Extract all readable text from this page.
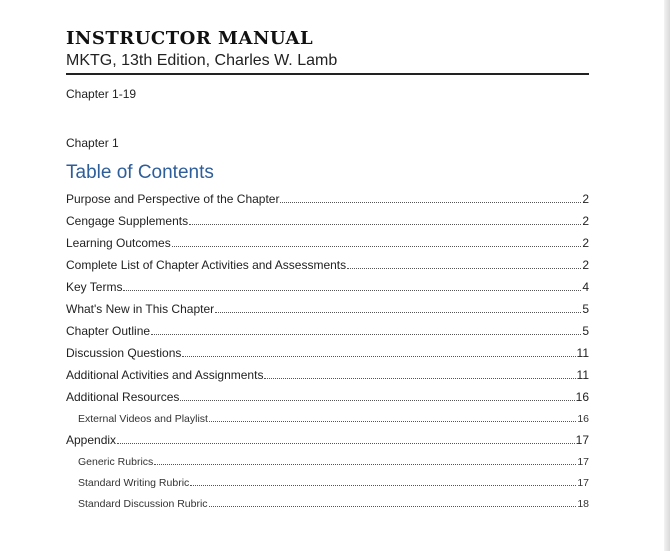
INSTRUCTOR MANUAL
MKTG, 13th Edition, Charles W. Lamb
Chapter 1-19
Chapter 1
Table of Contents
Purpose and Perspective of the Chapter	2
Cengage Supplements	2
Learning Outcomes	2
Complete List of Chapter Activities and Assessments	2
Key Terms	4
What's New in This Chapter	5
Chapter Outline	5
Discussion Questions	11
Additional Activities and Assignments	11
Additional Resources	16
External Videos and Playlist	16
Appendix	17
Generic Rubrics	17
Standard Writing Rubric	17
Standard Discussion Rubric	18
